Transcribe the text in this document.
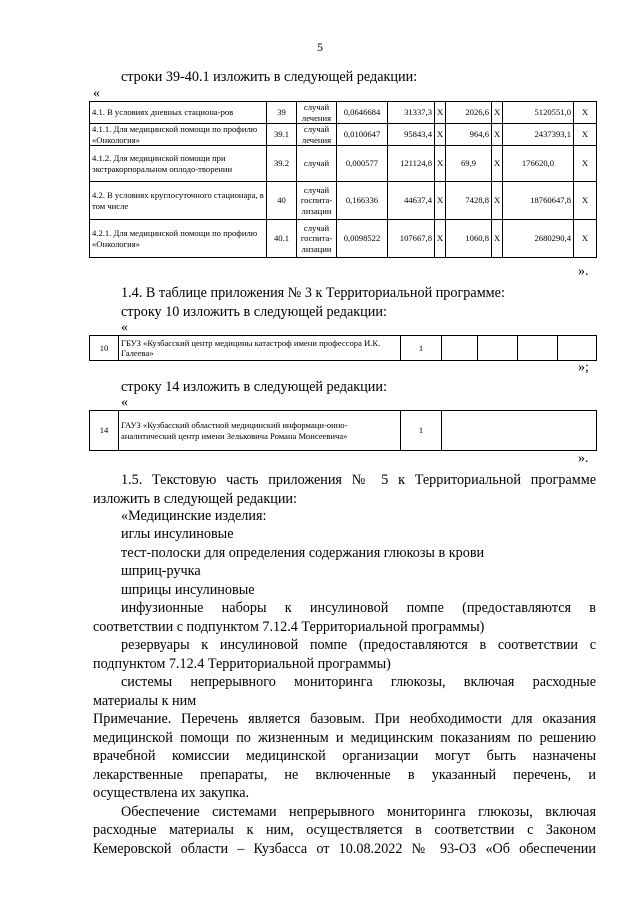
5
строки 39-40.1 изложить в следующей редакции:
«
4.1. В условиях дневных стациона-ров	39	случай лечения	0,0646684	31337,3	Х	2026,6	Х	5120551,0	Х
4.1.1. Для медицинской помощи по профилю «Онкология»	39.1	случай лечения	0,0100647	95843,4	Х	964,6	Х	2437393,1	Х
4.1.2. Для медицинской помощи при экстракорпоральном оплодо-творении	39.2	случай	0,000577	121124,8	Х	69,9	Х	176620,0	Х
4.2. В условиях круглосуточного стационара, в том числе	40	случай госпита-лизации	0,166336	44637,4	Х	7428,8	Х	18760647,8	Х
4.2.1. Для медицинской помощи по профилю «Онкология»	40.1	случай госпита-лизации	0,0098522	107667,8	Х	1060,8	Х	2680290,4	Х
».
1.4. В таблице приложения № 3 к Территориальной программе:
строку 10 изложить в следующей редакции:
«
10	ГБУЗ «Кузбасский центр медицины катастроф имени профессора И.К. Галеева»	1				
»;
строку 14 изложить в следующей редакции:
«
14	ГАУЗ «Кузбасский областной медицинский информаци-онно-аналитический центр имени Зельковича Романа Моисеевича»	1	
».
1.5. Текстовую часть приложения № 5 к Территориальной программе
изложить в следующей редакции:
«Медицинские изделия:
иглы инсулиновые
тест-полоски для определения содержания глюкозы в крови
шприц-ручка
шприцы инсулиновые
инфузионные наборы к инсулиновой помпе (предоставляются в
соответствии с подпунктом 7.12.4 Территориальной программы)
резервуары к инсулиновой помпе (предоставляются в соответствии с
подпунктом 7.12.4 Территориальной программы)
системы непрерывного мониторинга глюкозы, включая расходные
материалы к ним
Примечание. Перечень является базовым. При необходимости для оказания
медицинской помощи по жизненным и медицинским показаниям по решению
врачебной комиссии медицинской организации могут быть назначены
лекарственные препараты, не включенные в указанный перечень, и
осуществлена их закупка.
Обеспечение системами непрерывного мониторинга глюкозы, включая
расходные материалы к ним, осуществляется в соответствии с Законом
Кемеровской области – Кузбасса от 10.08.2022 № 93-ОЗ «Об обеспечении
